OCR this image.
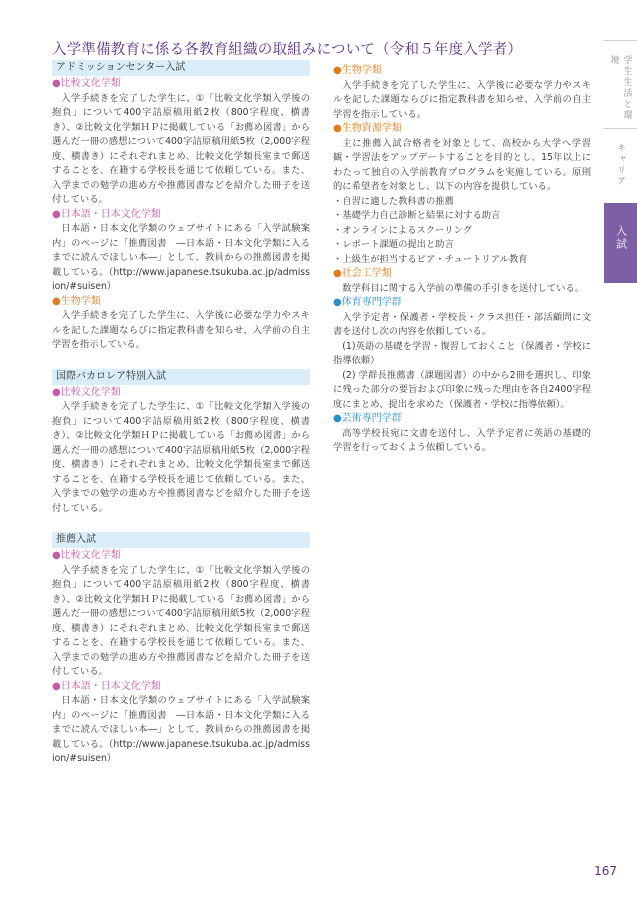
入学準備教育に係る各教育組織の取組みについて（令和５年度入学者）
アドミッションセンター入試
●比較文化学類

入学手続きを完了した学生に、①「比較文化学類入学後の抱負」について400字詰原稿用紙2枚（800字程度、横書き）、②比較文化学類ＨＰに掲載している「お薦め図書」から選んだ一冊の感想について400字詰原稿用紙5枚（2,000字程度、横書き）にそれぞれまとめ、比較文化学類長室まで郵送することを、在籍する学校長を通じて依頼している。また、入学までの勉学の進め方や推薦図書などを紹介した冊子を送付している。

●日本語・日本文化学類

日本語・日本文化学類のウェブサイトにある「入学試験案内」のページに「推薦図書　―日本語・日本文化学類に入るまでに読んでほしい本―」として、教員からの推薦図書を掲載している。（http://www.japanese.tsukuba.ac.jp/admission/#suisen）

●生物学類

入学手続きを完了した学生に、入学後に必要な学力やスキルを記した課題ならびに指定教科書を知らせ、入学前の自主学習を指示している。

国際バカロレア特別入試
●比較文化学類

入学手続きを完了した学生に、①「比較文化学類入学後の抱負」について400字詰原稿用紙2枚（800字程度、横書き）、②比較文化学類ＨＰに掲載している「お薦め図書」から選んだ一冊の感想について400字詰原稿用紙5枚（2,000字程度、横書き）にそれぞれまとめ、比較文化学類長室まで郵送することを、在籍する学校長を通じて依頼している。また、入学までの勉学の進め方や推薦図書などを紹介した冊子を送付している。

推薦入試
●比較文化学類

入学手続きを完了した学生に、①「比較文化学類入学後の抱負」について400字詰原稿用紙2枚（800字程度、横書き）、②比較文化学類ＨＰに掲載している「お薦め図書」から選んだ一冊の感想について400字詰原稿用紙5枚（2,000字程度、横書き）にそれぞれまとめ、比較文化学類長室まで郵送することを、在籍する学校長を通じて依頼している。また、入学までの勉学の進め方や推薦図書などを紹介した冊子を送付している。

●日本語・日本文化学類

日本語・日本文化学類のウェブサイトにある「入学試験案内」のページに「推薦図書　―日本語・日本文化学類に入るまでに読んでほしい本―」として、教員からの推薦図書を掲載している。（http://www.japanese.tsukuba.ac.jp/admission/#suisen）

●生物学類

入学手続きを完了した学生に、入学後に必要な学力やスキルを記した課題ならびに指定教科書を知らせ、入学前の自主学習を指示している。

●生物資源学類

主に推薦入試合格者を対象として、高校から大学へ学習観・学習法をアップデートすることを目的とし、15年以上にわたって独自の入学前教育プログラムを実施している。原則的に希望者を対象とし、以下の内容を提供している。

・自習に適した教科書の推薦
・基礎学力自己診断と結果に対する助言
・オンラインによるスクーリング
・レポート課題の提出と助言
・上級生が担当するピア・チュートリアル教育
●社会工学類

数学科目に関する入学前の準備の手引きを送付している。

●体育専門学群

入学予定者・保護者・学校長・クラス担任・部活顧問に文書を送付し次の内容を依頼している。

(1)英語の基礎を学習・復習しておくこと（保護者・学校に指導依頼）

(2) 学群長推薦書（課題図書）の中から2冊を選択し、印象に残った部分の要旨および印象に残った理由を各自2400字程度にまとめ、提出を求めた（保護者・学校に指導依頼）。

●芸術専門学群

高等学校長宛に文書を送付し、入学予定者に英語の基礎的学習を行っておくよう依頼している。

学生生活と環境
キャリア
入試
167
